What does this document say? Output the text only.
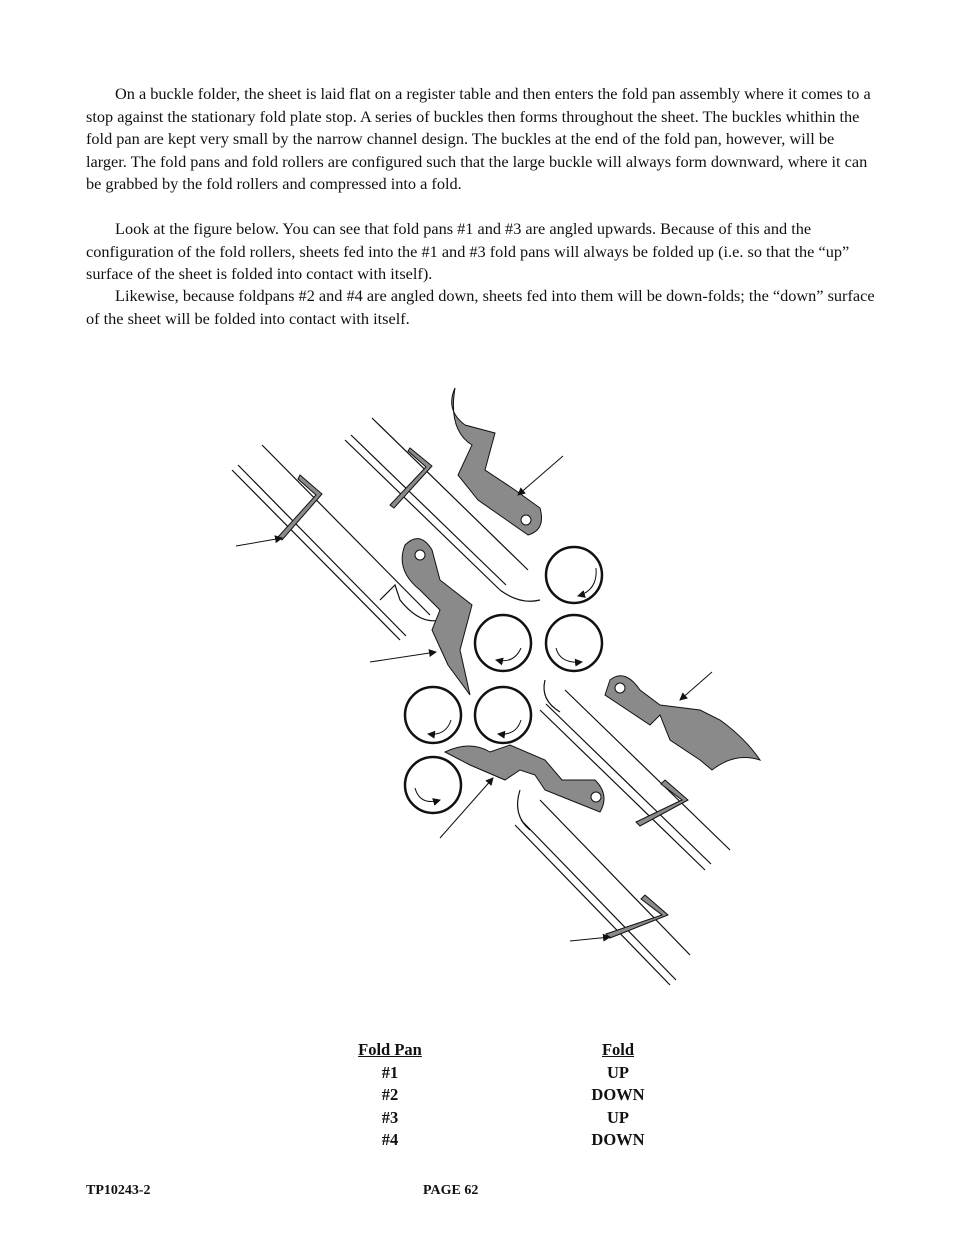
On a buckle folder, the sheet is laid flat on a register table and then enters the fold pan assembly where it comes to a stop against the stationary fold plate stop. A series of buckles then forms throughout the sheet. The buckles whithin the fold pan are kept very small by the narrow channel design. The buckles at the end of the fold pan, however, will be larger. The fold pans and fold rollers are configured such that the large buckle will always form downward, where it can be grabbed by the fold rollers and compressed into a fold.

Look at the figure below. You can see that fold pans #1 and #3 are angled upwards. Because of this and the configuration of the fold rollers, sheets fed into the #1 and #3 fold pans will always be folded up (i.e. so that the “up” surface of the sheet is folded into contact with itself).

Likewise, because foldpans #2 and #4 are angled down, sheets fed into them will be down-folds; the “down” surface of the sheet will be folded into contact with itself.

Fold Pan
#1
#2
#3
#4
Fold
UP
DOWN
UP
DOWN
TP10243-2	PAGE 62
